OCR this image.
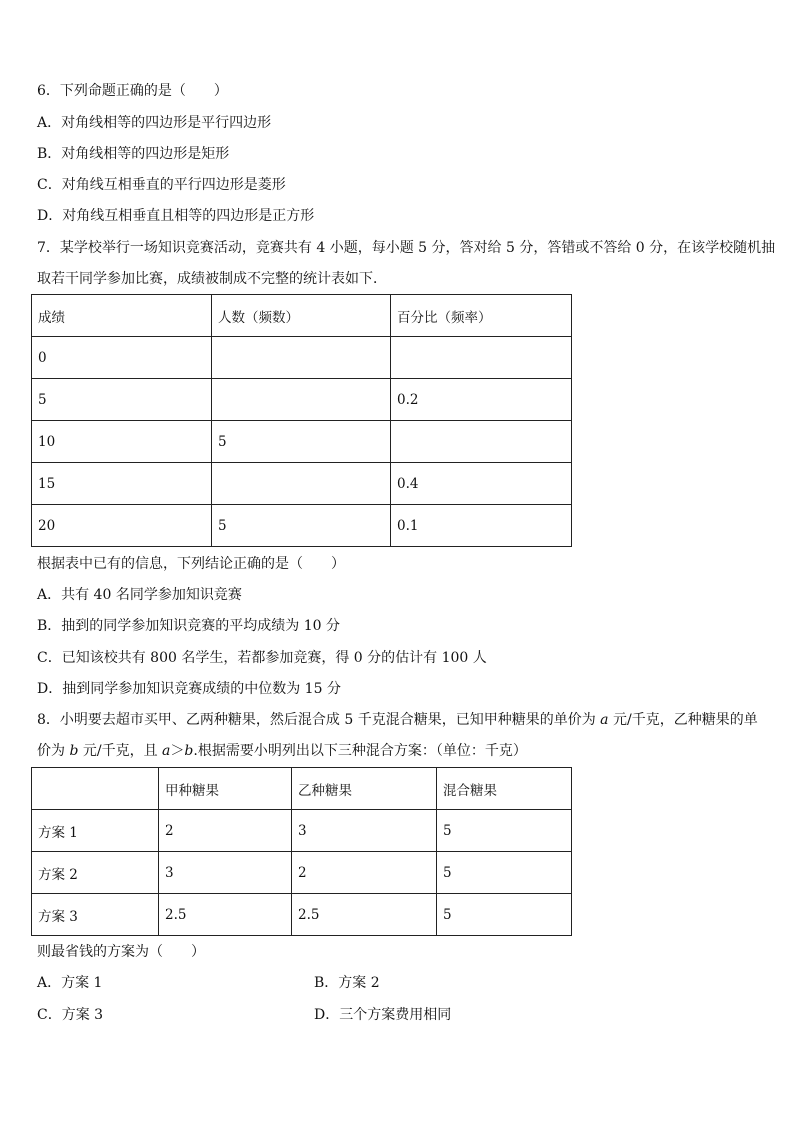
6．下列命题正确的是（　　）
A．对角线相等的四边形是平行四边形
B．对角线相等的四边形是矩形
C．对角线互相垂直的平行四边形是菱形
D．对角线互相垂直且相等的四边形是正方形
7．某学校举行一场知识竞赛活动，竞赛共有 4 小题，每小题 5 分，答对给 5 分，答错或不答给 0 分，在该学校随机抽
取若干同学参加比赛，成绩被制成不完整的统计表如下．
成绩	人数（频数）	百分比（频率）
0		
5		0.2
10	5	
15		0.4
20	5	0.1
根据表中已有的信息，下列结论正确的是（　　）
A．共有 40 名同学参加知识竞赛
B．抽到的同学参加知识竞赛的平均成绩为 10 分
C．已知该校共有 800 名学生，若都参加竞赛，得 0 分的估计有 100 人
D．抽到同学参加知识竞赛成绩的中位数为 15 分
8．小明要去超市买甲、乙两种糖果，然后混合成 5 千克混合糖果，已知甲种糖果的单价为 a 元/千克，乙种糖果的单
价为 b 元/千克，且 a＞b.根据需要小明列出以下三种混合方案：（单位：千克）
	甲种糖果	乙种糖果	混合糖果
方案 1	2	3	5
方案 2	3	2	5
方案 3	2.5	2.5	5
则最省钱的方案为（　　）
A．方案 1	B．方案 2
C．方案 3	D．三个方案费用相同
